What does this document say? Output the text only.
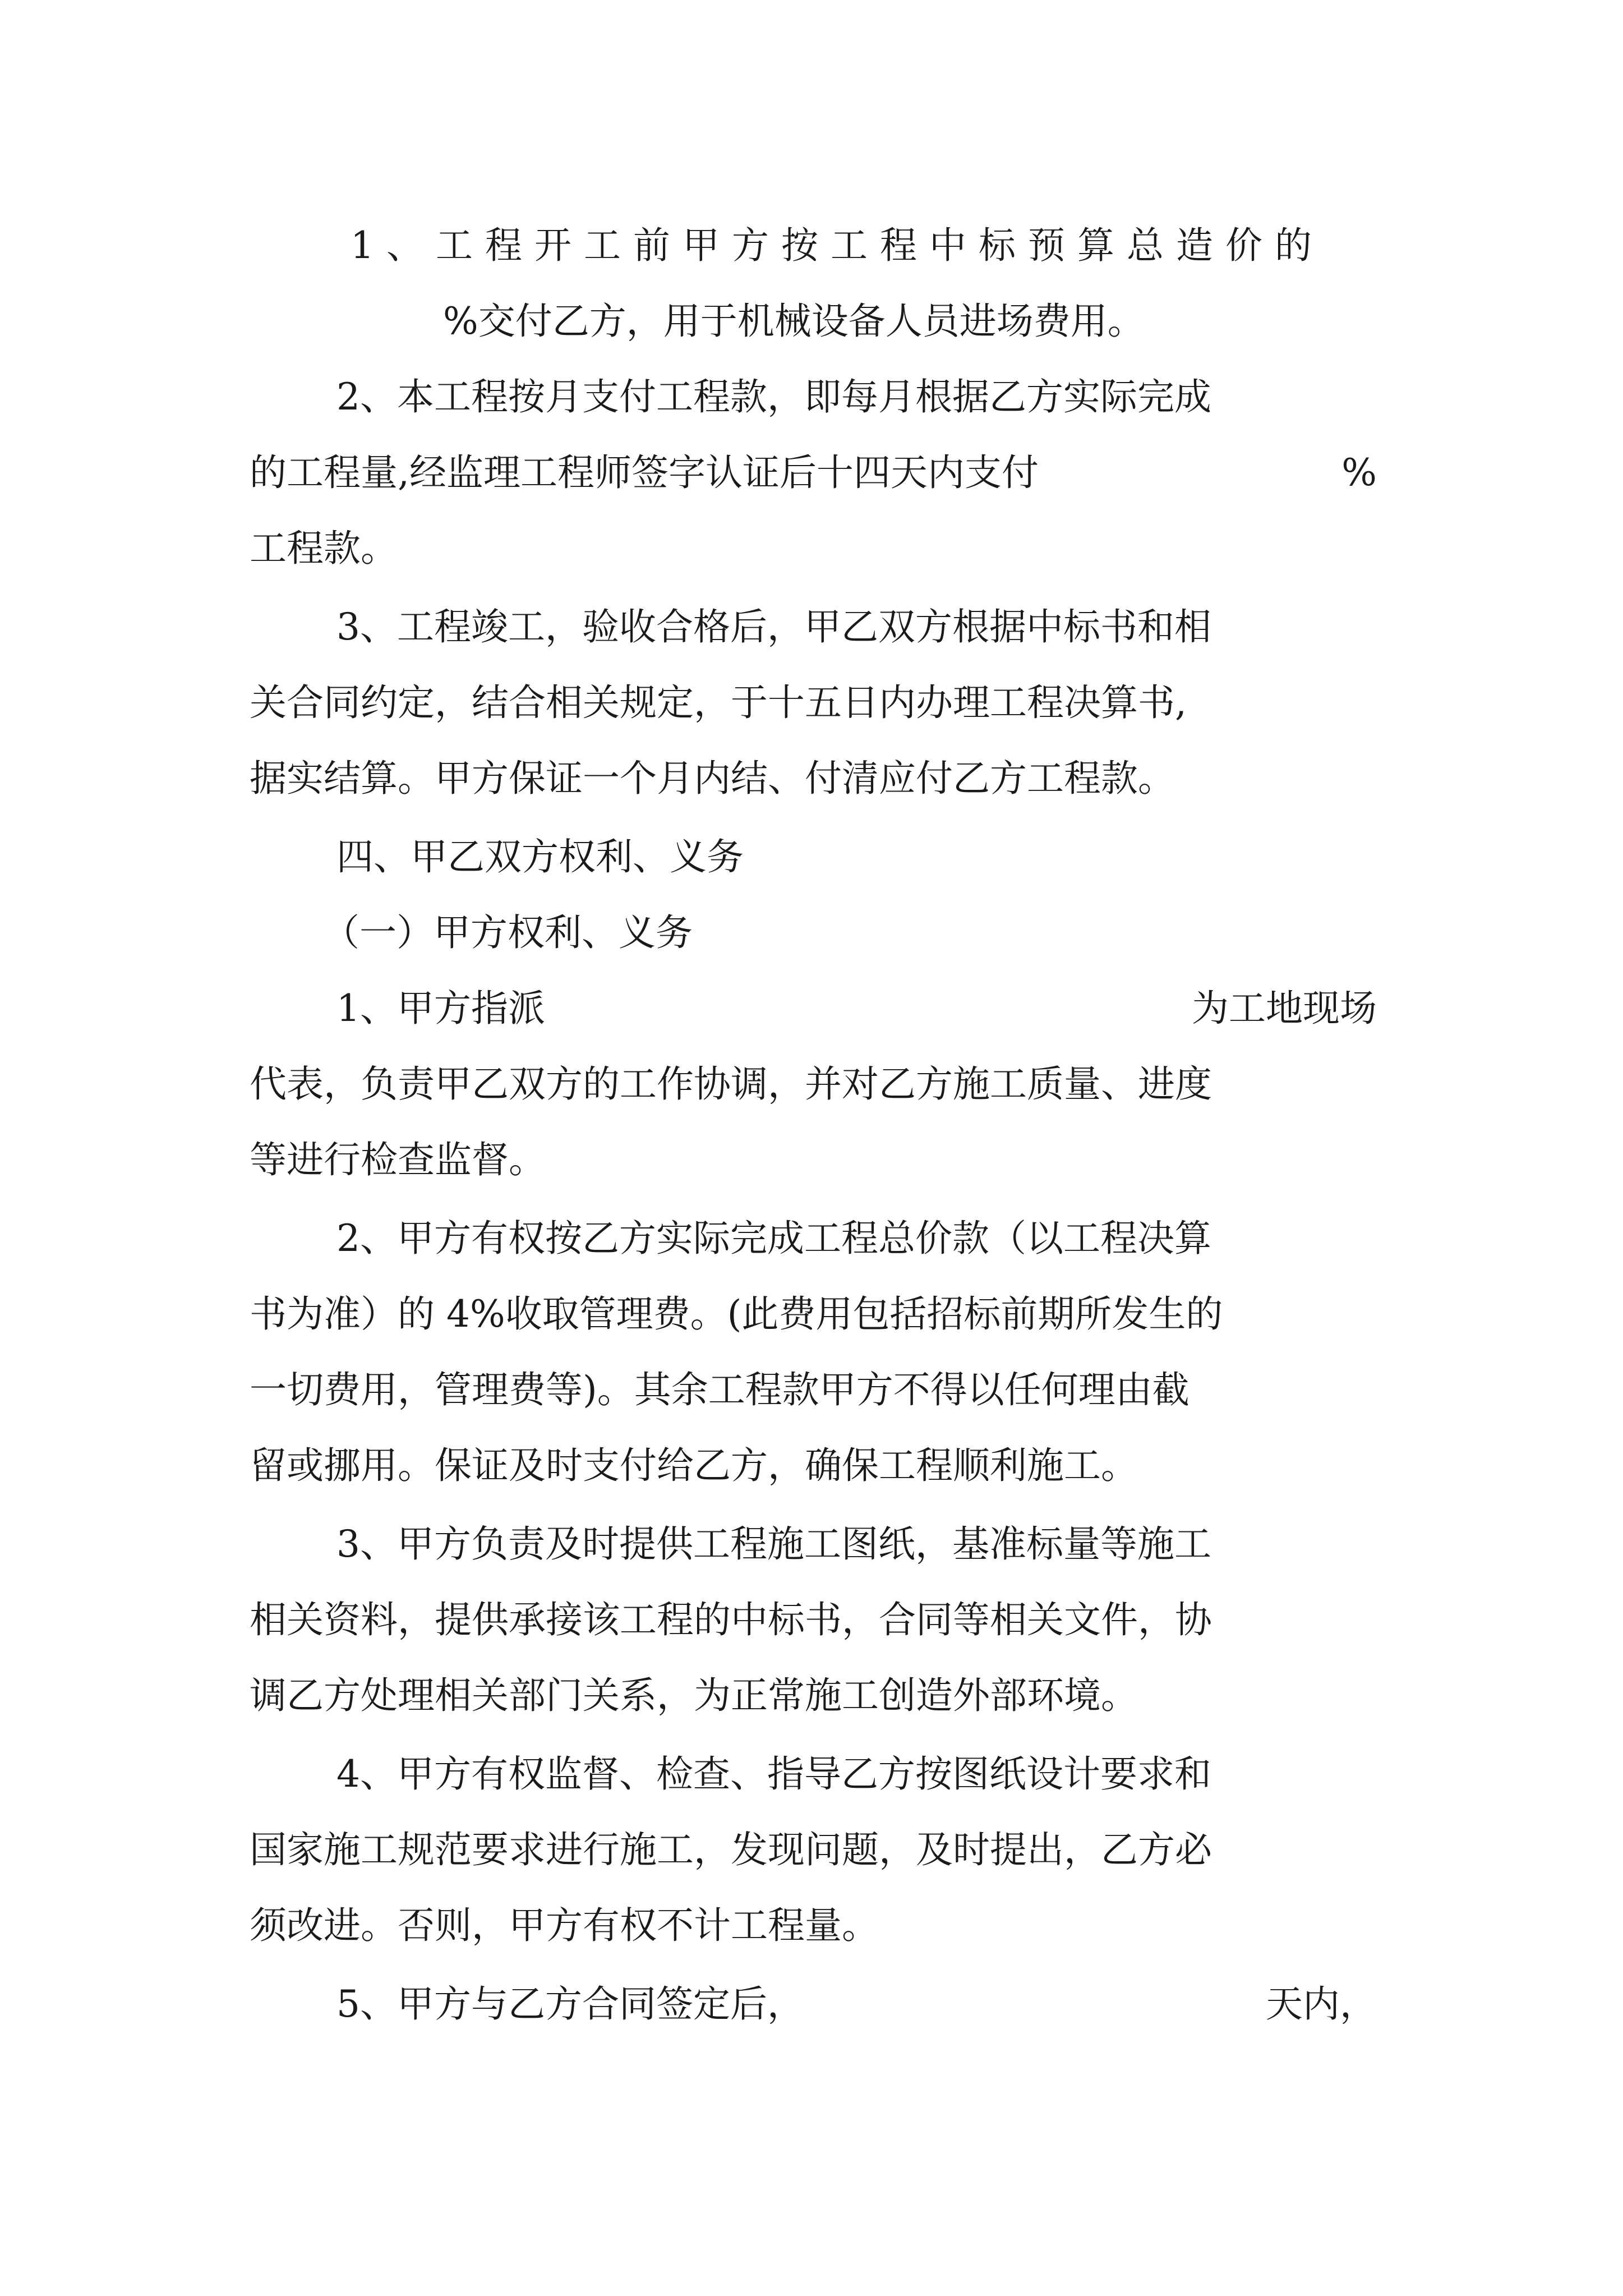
1、工程开工前甲方按工程中标预算总造价的
%交付乙方，用于机械设备人员进场费用。
2、本工程按月支付工程款，即每月根据乙方实际完成
的工程量,经监理工程师签字认证后十四天内支付	%
工程款。
3、工程竣工，验收合格后，甲乙双方根据中标书和相
关合同约定，结合相关规定，于十五日内办理工程决算书,
据实结算。甲方保证一个月内结、付清应付乙方工程款。
四、甲乙双方权利、义务
（一）甲方权利、义务
1、甲方指派	为工地现场
代表，负责甲乙双方的工作协调，并对乙方施工质量、进度
等进行检查监督。
2、甲方有权按乙方实际完成工程总价款（以工程决算
书为准）的 4%收取管理费。(此费用包括招标前期所发生的
一切费用，管理费等)。其余工程款甲方不得以任何理由截
留或挪用。保证及时支付给乙方，确保工程顺利施工。
3、甲方负责及时提供工程施工图纸，基准标量等施工
相关资料，提供承接该工程的中标书，合同等相关文件，协
调乙方处理相关部门关系，为正常施工创造外部环境。
4、甲方有权监督、检查、指导乙方按图纸设计要求和
国家施工规范要求进行施工，发现问题，及时提出，乙方必
须改进。否则，甲方有权不计工程量。
5、甲方与乙方合同签定后，	天内，
